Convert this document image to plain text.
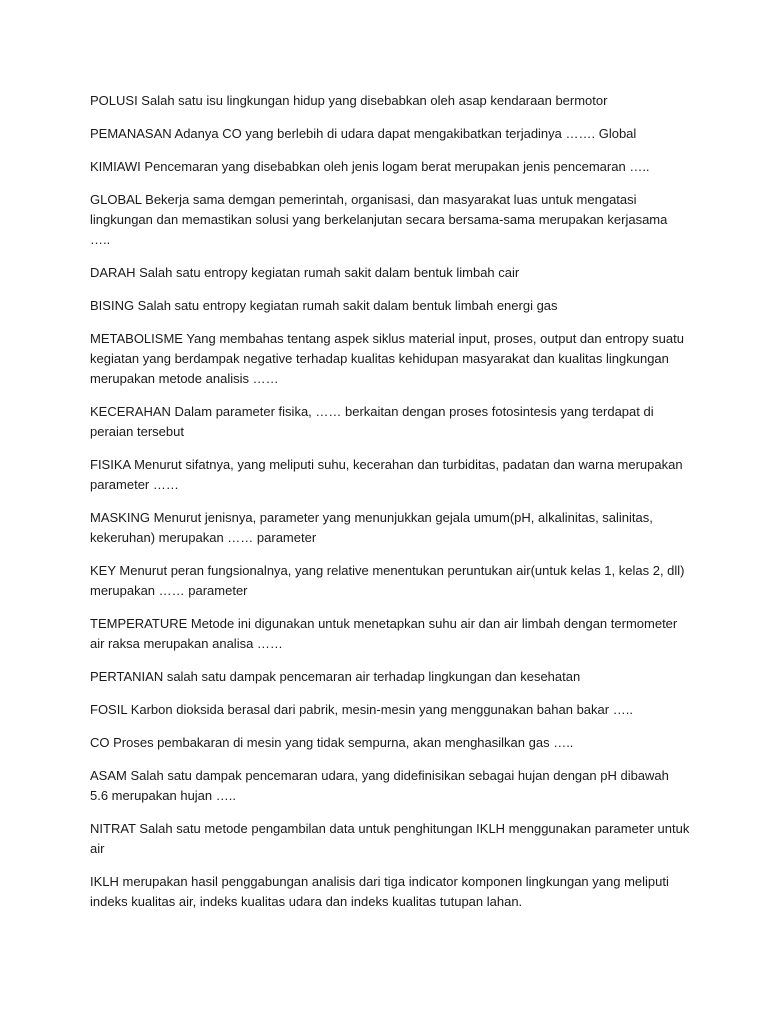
POLUSI Salah satu isu lingkungan hidup yang disebabkan oleh asap kendaraan bermotor

PEMANASAN Adanya CO yang berlebih di udara dapat mengakibatkan terjadinya ……. Global

KIMIAWI Pencemaran yang disebabkan oleh jenis logam berat merupakan jenis pencemaran …..

GLOBAL Bekerja sama demgan pemerintah, organisasi, dan masyarakat luas untuk mengatasi lingkungan dan memastikan solusi yang berkelanjutan secara bersama-sama merupakan kerjasama …..

DARAH Salah satu entropy kegiatan rumah sakit dalam bentuk limbah cair

BISING Salah satu entropy kegiatan rumah sakit dalam bentuk limbah energi gas

METABOLISME Yang membahas tentang aspek siklus material input, proses, output dan entropy suatu kegiatan yang berdampak negative terhadap kualitas kehidupan masyarakat dan kualitas lingkungan merupakan metode analisis ……

KECERAHAN Dalam parameter fisika, …… berkaitan dengan proses fotosintesis yang terdapat di peraian tersebut

FISIKA Menurut sifatnya, yang meliputi suhu, kecerahan dan turbiditas, padatan dan warna merupakan parameter ……

MASKING Menurut jenisnya, parameter yang menunjukkan gejala umum(pH, alkalinitas, salinitas, kekeruhan) merupakan …… parameter

KEY Menurut peran fungsionalnya, yang relative menentukan peruntukan air(untuk kelas 1, kelas 2, dll) merupakan …… parameter

TEMPERATURE Metode ini digunakan untuk menetapkan suhu air dan air limbah dengan termometer air raksa merupakan analisa ……

PERTANIAN salah satu dampak pencemaran air terhadap lingkungan dan kesehatan

FOSIL Karbon dioksida berasal dari pabrik, mesin-mesin yang menggunakan bahan bakar …..

CO Proses pembakaran di mesin yang tidak sempurna, akan menghasilkan gas …..

ASAM Salah satu dampak pencemaran udara, yang didefinisikan sebagai hujan dengan pH dibawah 5.6 merupakan hujan …..

NITRAT Salah satu metode pengambilan data untuk penghitungan IKLH menggunakan parameter untuk air

IKLH merupakan hasil penggabungan analisis dari tiga indicator komponen lingkungan yang meliputi indeks kualitas air, indeks kualitas udara dan indeks kualitas tutupan lahan.
